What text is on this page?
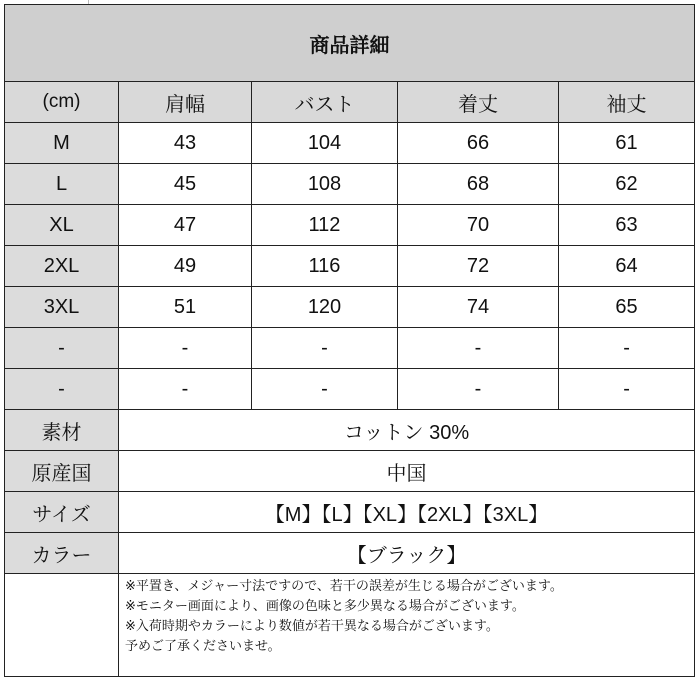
商品詳細				
(cm)	肩幅	バスト	着丈	袖丈
M	43	104	66	61
L	45	108	68	62
XL	47	112	70	63
2XL	49	116	72	64
3XL	51	120	74	65
-	-	-	-	-
-	-	-	-	-
素材	コットン 30%			
原産国	中国			
サイズ	【M】【L】【XL】【2XL】【3XL】			
カラー	【ブラック】			

	※平置き、メジャー寸法ですので、若干の誤差が生じる場合がございます。
※モニター画面により、画像の色味と多少異なる場合がございます。
※入荷時期やカラーにより数値が若干異なる場合がございます。
予めご了承くださいませ。			
